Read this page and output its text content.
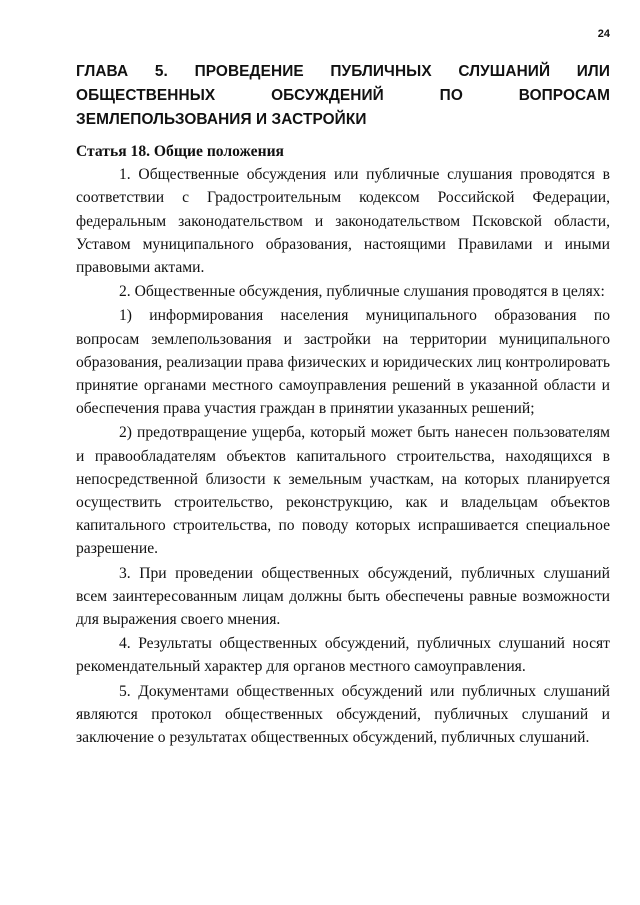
24
ГЛАВА 5. ПРОВЕДЕНИЕ ПУБЛИЧНЫХ СЛУШАНИЙ ИЛИ ОБЩЕСТВЕННЫХ ОБСУЖДЕНИЙ ПО ВОПРОСАМ ЗЕМЛЕПОЛЬЗОВАНИЯ И ЗАСТРОЙКИ
Статья 18. Общие положения

1. Общественные обсуждения или публичные слушания проводятся в соответствии с Градостроительным кодексом Российской Федерации, федеральным законодательством и законодательством Псковской области, Уставом муниципального образования, настоящими Правилами и иными правовыми актами.

2. Общественные обсуждения, публичные слушания проводятся в целях:

1) информирования населения муниципального образования по вопросам землепользования и застройки на территории муниципального образования, реализации права физических и юридических лиц контролировать принятие органами местного самоуправления решений в указанной области и обеспечения права участия граждан в принятии указанных решений;

2) предотвращение ущерба, который может быть нанесен пользователям и правообладателям объектов капитального строительства, находящихся в непосредственной близости к земельным участкам, на которых планируется осуществить строительство, реконструкцию, как и владельцам объектов капитального строительства, по поводу которых испрашивается специальное разрешение.

3. При проведении общественных обсуждений, публичных слушаний всем заинтересованным лицам должны быть обеспечены равные возможности для выражения своего мнения.

4. Результаты общественных обсуждений, публичных слушаний носят рекомендательный характер для органов местного самоуправления.

5. Документами общественных обсуждений или публичных слушаний являются протокол общественных обсуждений, публичных слушаний и заключение о результатах общественных обсуждений, публичных слушаний.
